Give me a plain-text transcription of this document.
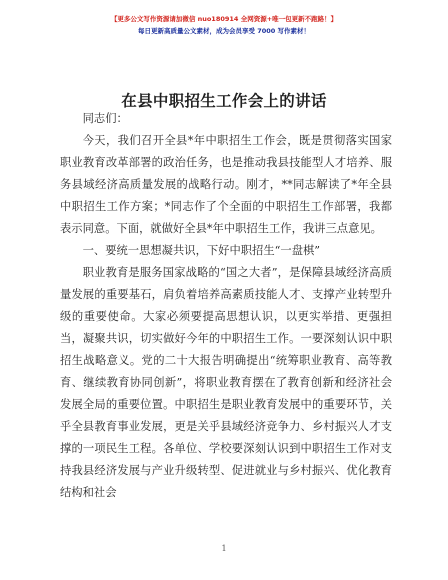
【更多公文写作资源请加微信 nuo180914 全网资源+唯一包更新不跑路！】
每日更新高质量公文素材，成为会员享受 7000 写作素材！
在县中职招生工作会上的讲话

同志们：

今天，我们召开全县*年中职招生工作会，既是贯彻落实国家职业教育改革部署的政治任务，也是推动我县技能型人才培养、服务县域经济高质量发展的战略行动。刚才，**同志解读了*年全县中职招生工作方案；*同志作了个全面的中职招生工作部署，我都表示同意。下面，就做好全县*年中职招生工作，我讲三点意见。

一、要统一思想凝共识，下好中职招生“一盘棋”

职业教育是服务国家战略的“国之大者”，是保障县域经济高质量发展的重要基石，肩负着培养高素质技能人才、支撑产业转型升级的重要使命。大家必须要提高思想认识，以更实举措、更强担当，凝聚共识，切实做好今年的中职招生工作。一要深刻认识中职招生战略意义。党的二十大报告明确提出“统筹职业教育、高等教育、继续教育协同创新”，将职业教育摆在了教育创新和经济社会发展全局的重要位置。中职招生是职业教育发展中的重要环节，关乎全县教育事业发展，更是关乎县域经济竞争力、乡村振兴人才支撑的一项民生工程。各单位、学校要深刻认识到中职招生工作对支持我县经济发展与产业升级转型、促进就业与乡村振兴、优化教育结构和社会

1
